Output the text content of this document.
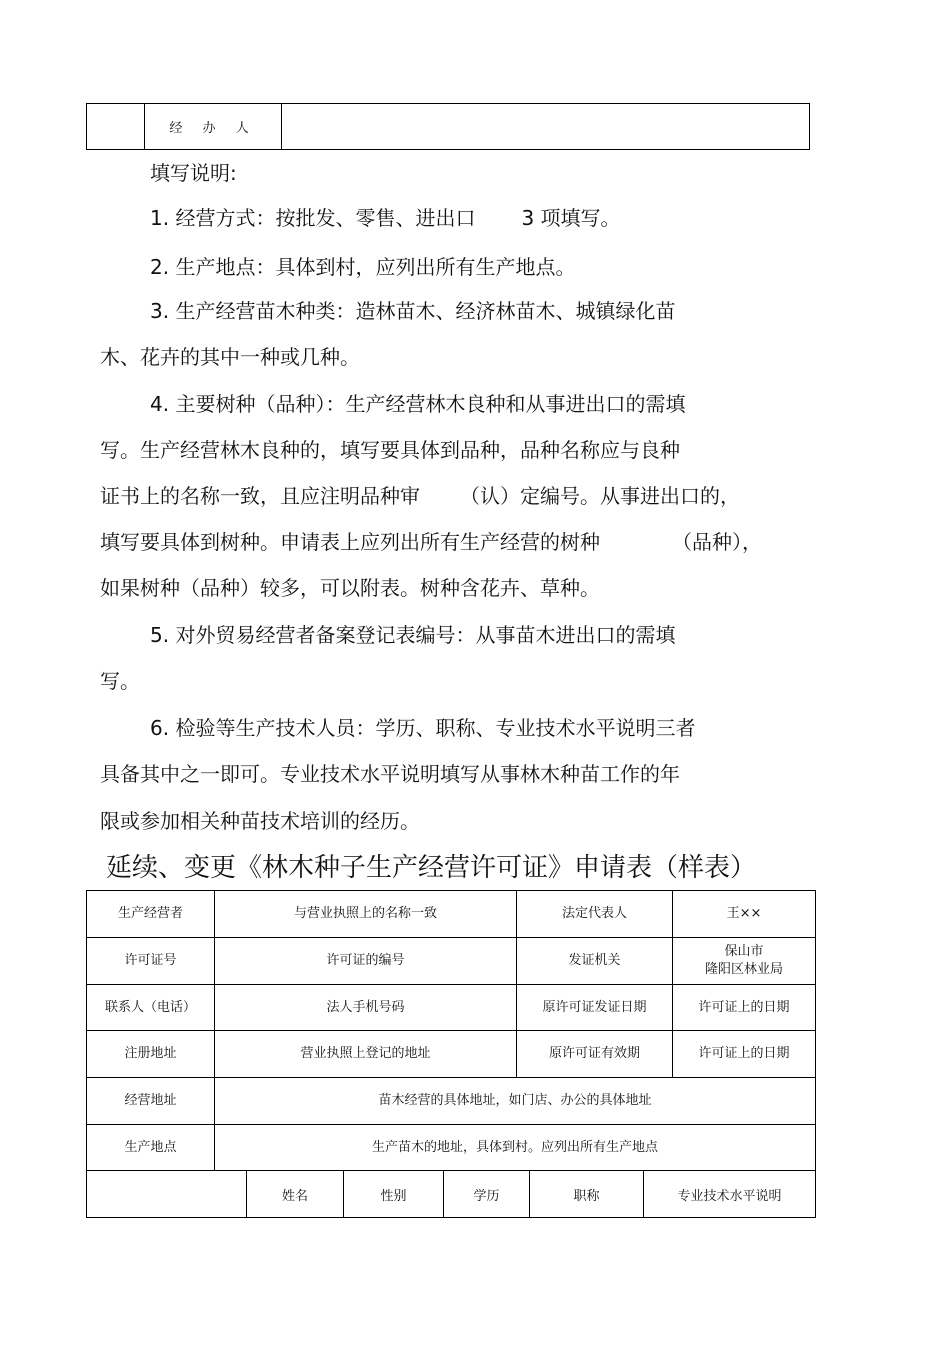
	经 办 人	
填写说明:
1. 经营方式：按批发、零售、进出口 3 项填写。
2. 生产地点：具体到村，应列出所有生产地点。
3. 生产经营苗木种类：造林苗木、经济林苗木、城镇绿化苗
木、花卉的其中一种或几种。
4. 主要树种（品种）：生产经营林木良种和从事进出口的需填
写。生产经营林木良种的，填写要具体到品种，品种名称应与良种
证书上的名称一致，且应注明品种审 （认）定编号。从事进出口的，
填写要具体到树种。申请表上应列出所有生产经营的树种	（品种），
如果树种（品种）较多，可以附表。树种含花卉、草种。
5. 对外贸易经营者备案登记表编号：从事苗木进出口的需填
写。
6. 检验等生产技术人员：学历、职称、专业技术水平说明三者
具备其中之一即可。专业技术水平说明填写从事林木种苗工作的年
限或参加相关种苗技术培训的经历。
延续、变更《林木种子生产经营许可证》申请表（样表）
生产经营者	与营业执照上的名称一致	法定代表人	王××
许可证号	许可证的编号	发证机关	保山市
隆阳区林业局

联系人（电话）	法人手机号码	原许可证发证日期	许可证上的日期
注册地址	营业执照上登记的地址	原许可证有效期	许可证上的日期
经营地址	苗木经营的具体地址，如门店、办公的具体地址		
生产地点	生产苗木的地址，具体到村。应列出所有生产地点		
	姓名	性别	学历	职称	专业技术水平说明
